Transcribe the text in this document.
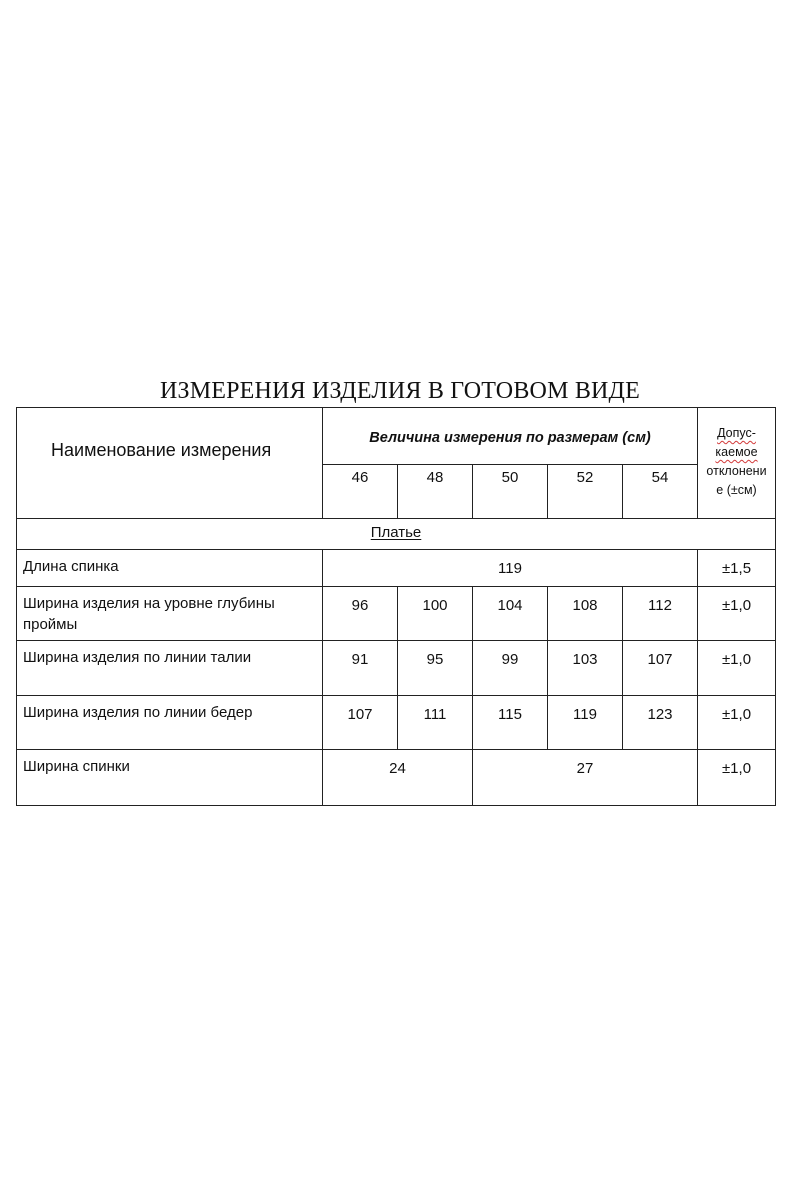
ИЗМЕРЕНИЯ ИЗДЕЛИЯ В ГОТОВОМ ВИДЕ
Наименование измерения	Величина измерения по размерам (см)					Допус-
каемое
отклонени
е (±см)

	46	48	50	52	54	
Платье						
Длина спинка	119					±1,5
Ширина изделия на уровне глубины проймы	96	100	104	108	112	±1,0
Ширина изделия по линии талии	91	95	99	103	107	±1,0
Ширина изделия по линии бедер	107	111	115	119	123	±1,0
Ширина спинки	24		27			±1,0
